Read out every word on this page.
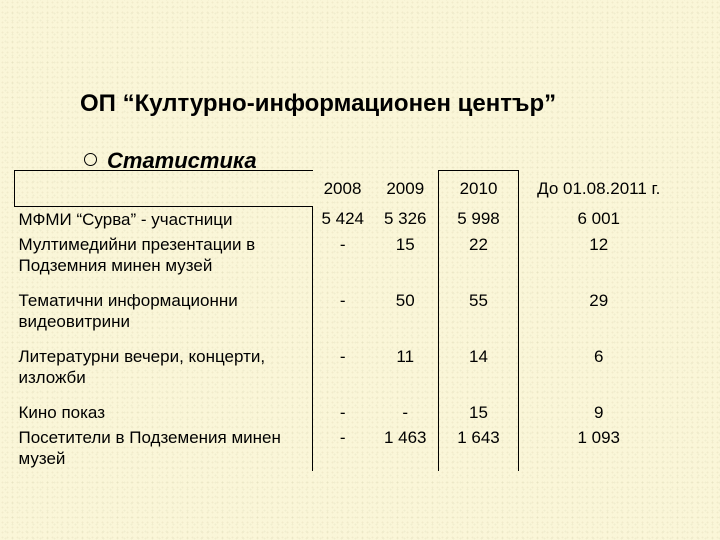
ОП “Културно-информационен център”
Статистика
	2008	2009	2010	До 01.08.2011 г.
МФМИ “Сурва” - участници	5 424	5 326	5 998	6 001
Мултимедийни презентации в Подземния минен музей	-	15	22	12
Тематични информационни видеовитрини	-	50	55	29
Литературни вечери, концерти, изложби	-	11	14	6
Кино показ	-	-	15	9
Посетители в Подземения минен музей	-	1 463	1 643	1 093
